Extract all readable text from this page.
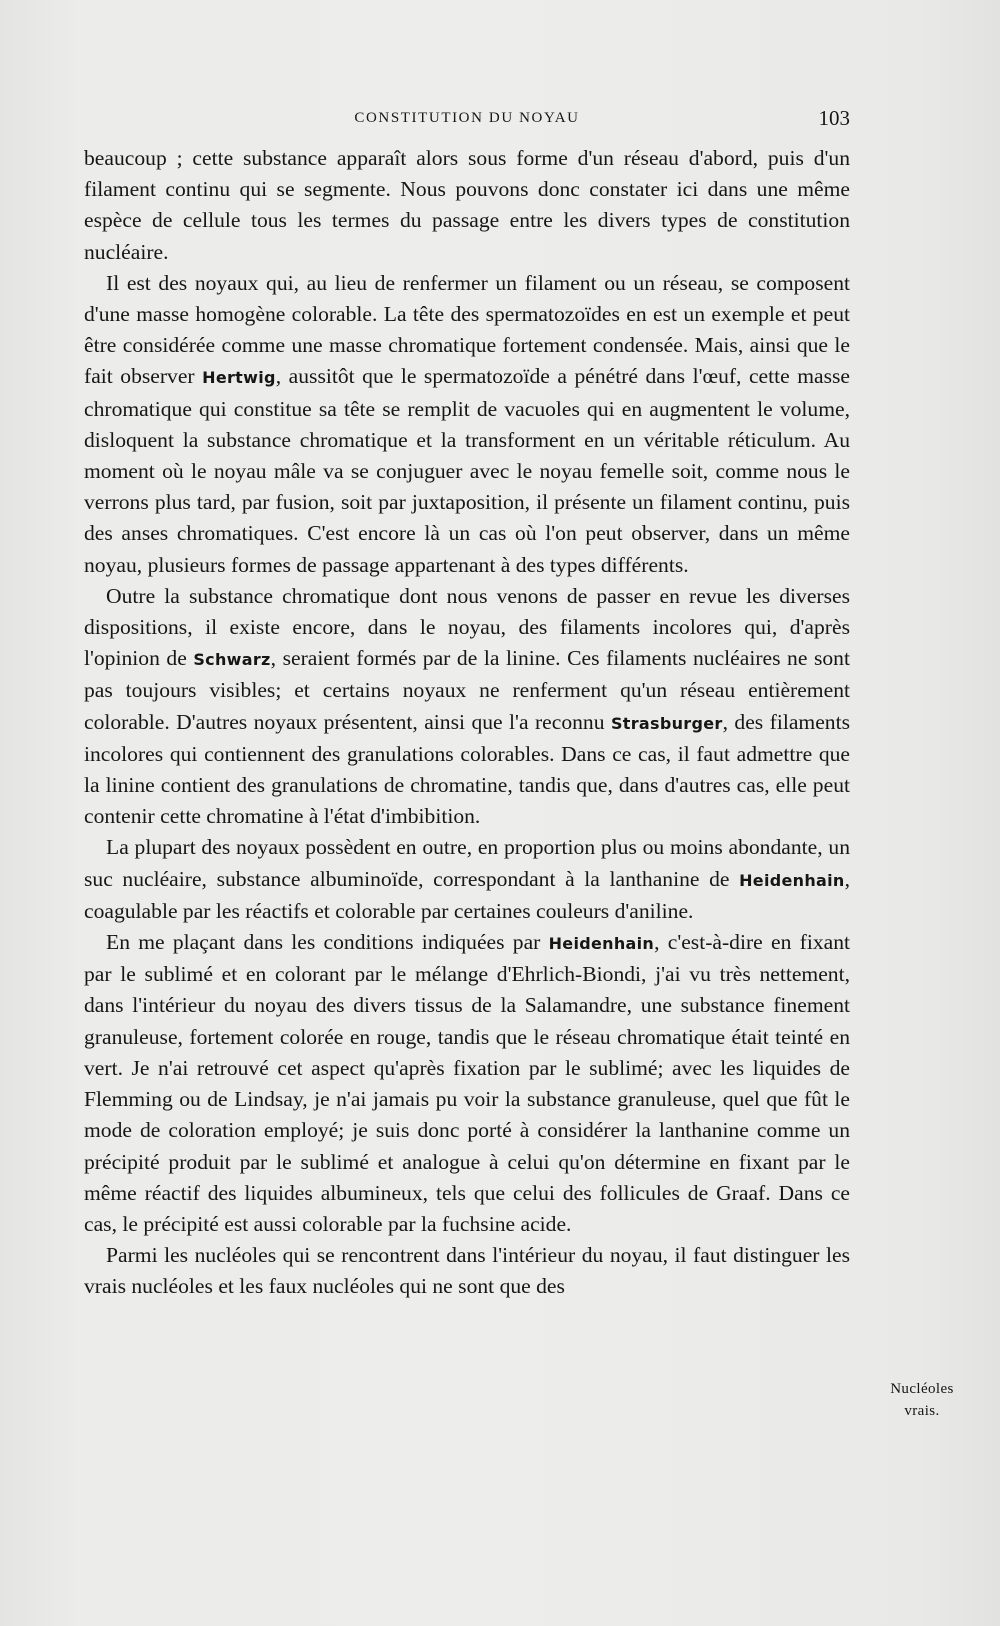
CONSTITUTION DU NOYAU	103

beaucoup ; cette substance apparaît alors sous forme d'un réseau d'abord, puis d'un filament continu qui se segmente. Nous pouvons donc constater ici dans une même espèce de cellule tous les termes du passage entre les divers types de constitution nucléaire.

Il est des noyaux qui, au lieu de renfermer un filament ou un réseau, se composent d'une masse homogène colorable. La tête des spermatozoïdes en est un exemple et peut être considérée comme une masse chromatique fortement condensée. Mais, ainsi que le fait observer Hertwig, aussitôt que le spermatozoïde a pénétré dans l'œuf, cette masse chromatique qui constitue sa tête se remplit de vacuoles qui en augmentent le volume, disloquent la substance chromatique et la transforment en un véritable réticulum. Au moment où le noyau mâle va se conjuguer avec le noyau femelle soit, comme nous le verrons plus tard, par fusion, soit par juxtaposition, il présente un filament continu, puis des anses chromatiques. C'est encore là un cas où l'on peut observer, dans un même noyau, plusieurs formes de passage appartenant à des types différents.

Outre la substance chromatique dont nous venons de passer en revue les diverses dispositions, il existe encore, dans le noyau, des filaments incolores qui, d'après l'opinion de Schwarz, seraient formés par de la linine. Ces filaments nucléaires ne sont pas toujours visibles; et certains noyaux ne renferment qu'un réseau entièrement colorable. D'autres noyaux présentent, ainsi que l'a reconnu Strasburger, des filaments incolores qui contiennent des granulations colorables. Dans ce cas, il faut admettre que la linine contient des granulations de chromatine, tandis que, dans d'autres cas, elle peut contenir cette chromatine à l'état d'imbibition.

La plupart des noyaux possèdent en outre, en proportion plus ou moins abondante, un suc nucléaire, substance albuminoïde, correspondant à la lanthanine de Heidenhain, coagulable par les réactifs et colorable par certaines couleurs d'aniline.

En me plaçant dans les conditions indiquées par Heidenhain, c'est-à-dire en fixant par le sublimé et en colorant par le mélange d'Ehrlich-Biondi, j'ai vu très nettement, dans l'intérieur du noyau des divers tissus de la Salamandre, une substance finement granuleuse, fortement colorée en rouge, tandis que le réseau chromatique était teinté en vert. Je n'ai retrouvé cet aspect qu'après fixation par le sublimé; avec les liquides de Flemming ou de Lindsay, je n'ai jamais pu voir la substance granuleuse, quel que fût le mode de coloration employé; je suis donc porté à considérer la lanthanine comme un précipité produit par le sublimé et analogue à celui qu'on détermine en fixant par le même réactif des liquides albumineux, tels que celui des follicules de Graaf. Dans ce cas, le précipité est aussi colorable par la fuchsine acide.

Parmi les nucléoles qui se rencontrent dans l'intérieur du noyau, il faut distinguer les vrais nucléoles et les faux nucléoles qui ne sont que des

Nucléoles
vrais.
